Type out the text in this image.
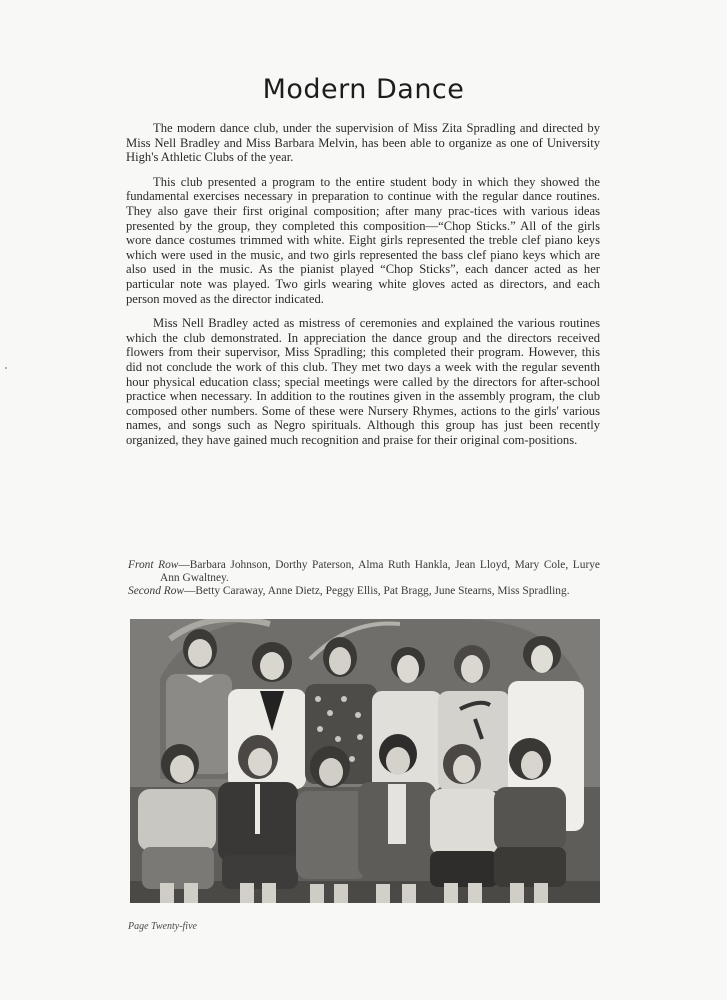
Modern Dance

The modern dance club, under the supervision of Miss Zita Spradling and directed by Miss Nell Bradley and Miss Barbara Melvin, has been able to organize as one of University High's Athletic Clubs of the year.

This club presented a program to the entire student body in which they showed the fundamental exercises necessary in preparation to continue with the regular dance routines. They also gave their first original composition; after many prac-tices with various ideas presented by the group, they completed this composition—“Chop Sticks.” All of the girls wore dance costumes trimmed with white. Eight girls represented the treble clef piano keys which were used in the music, and two girls represented the bass clef piano keys which are also used in the music. As the pianist played “Chop Sticks”, each dancer acted as her particular note was played. Two girls wearing white gloves acted as directors, and each person moved as the director indicated.

Miss Nell Bradley acted as mistress of ceremonies and explained the various routines which the club demonstrated. In appreciation the dance group and the directors received flowers from their supervisor, Miss Spradling; this completed their program. However, this did not conclude the work of this club. They met two days a week with the regular seventh hour physical education class; special meetings were called by the directors for after-school practice when necessary. In addition to the routines given in the assembly program, the club composed other numbers. Some of these were Nursery Rhymes, actions to the girls' various names, and songs such as Negro spirituals. Although this group has just been recently organized, they have gained much recognition and praise for their original com-positions.

Front Row—Barbara Johnson, Dorthy Paterson, Alma Ruth Hankla, Jean Lloyd, Mary Cole, Lurye Ann Gwaltney.

Second Row—Betty Caraway, Anne Dietz, Peggy Ellis, Pat Bragg, June Stearns, Miss Spradling.

Page Twenty-five
